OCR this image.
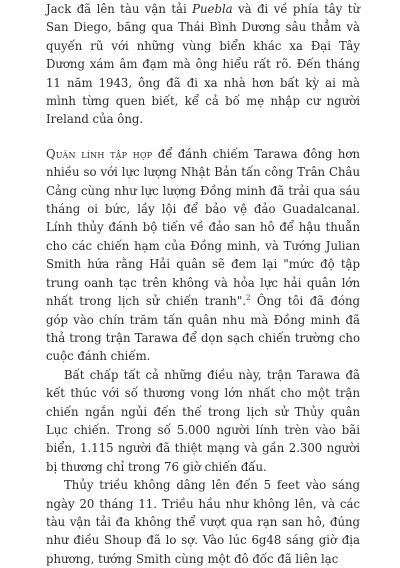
Jack đã lên tàu vận tải Puebla và đi về phía tây từ San Diego, băng qua Thái Bình Dương sâu thẳm và quyến rũ với những vùng biển khác xa Đại Tây Dương xám âm đạm mà ông hiểu rất rõ. Đến tháng 11 năm 1943, ông đã đi xa nhà hơn bất kỳ ai mà mình từng quen biết, kể cả bố mẹ nhập cư người Ireland của ông.

Quân lính tập hợp để đánh chiếm Tarawa đông hơn nhiều so với lực lượng Nhật Bản tấn công Trân Châu Cảng cùng như lực lượng Đồng minh đã trải qua sáu tháng oi bức, lầy lội để bảo vệ đảo Guadalcanal. Lính thủy đánh bộ tiến về đảo san hô để hậu thuẫn cho các chiến hạm của Đồng minh, và Tướng Julian Smith hứa rằng Hải quân sẽ đem lại "mức độ tập trung oanh tạc trên không và hỏa lực hải quân lớn nhất trong lịch sử chiến tranh".$^2$ Ông tôi đã đóng góp vào chín trăm tấn quân nhu mà Đồng minh đã thả trong trận Tarawa để dọn sạch chiến trường cho cuộc đánh chiếm.

Bất chấp tất cả những điều này, trận Tarawa đã kết thúc với số thương vong lớn nhất cho một trận chiến ngắn ngủi đến thế trong lịch sử Thủy quân Lục chiến. Trong số 5.000 người lính trèn vào bãi biển, 1.115 người đã thiệt mạng và gần 2.300 người bị thương chỉ trong 76 giờ chiến đấu.

Thủy triều không dâng lên đến 5 feet vào sáng ngày 20 tháng 11. Triều hầu như không lên, và các tàu vận tải đa không thể vượt qua rạn san hô, đúng như điều Shoup đã lo sợ. Vào lúc 6g48 sáng giờ địa phương, tướng Smith cùng một đô đốc đã liên lạc
